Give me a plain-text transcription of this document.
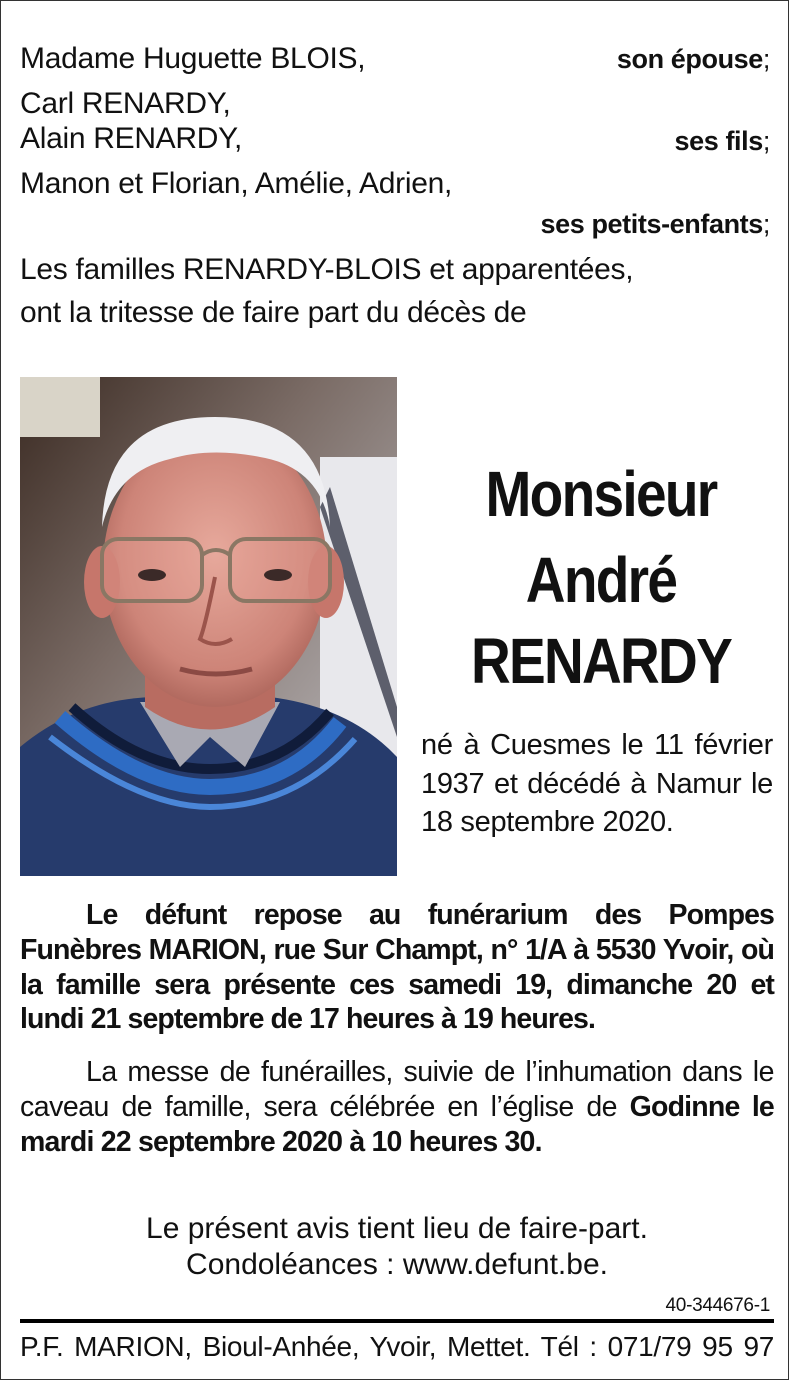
Madame Huguette BLOIS,	son épouse;
Carl RENARDY,
Alain RENARDY,	ses fils;
Manon et Florian, Amélie, Adrien,
ses petits-enfants;
Les familles RENARDY-BLOIS et apparentées,
ont la tritesse de faire part du décès de
Monsieur
André
RENARDY
né à Cuesmes le 11 février 1937 et décédé à Namur le 18 septembre 2020.
Le défunt repose au funérarium des Pompes Funèbres MARION, rue Sur Champt, n° 1/A à 5530 Yvoir, où la famille sera présente ces samedi 19, dimanche 20 et lundi 21 septembre de 17 heures à 19 heures.
La messe de funérailles, suivie de l’inhumation dans le caveau de famille, sera célébrée en l’église de Godinne le mardi 22 septembre 2020 à 10 heures 30.
Le présent avis tient lieu de faire-part.
Condoléances : www.defunt.be.
40-344676-1
P.F. MARION, Bioul-Anhée, Yvoir, Mettet. Tél : 071/79 95 97
